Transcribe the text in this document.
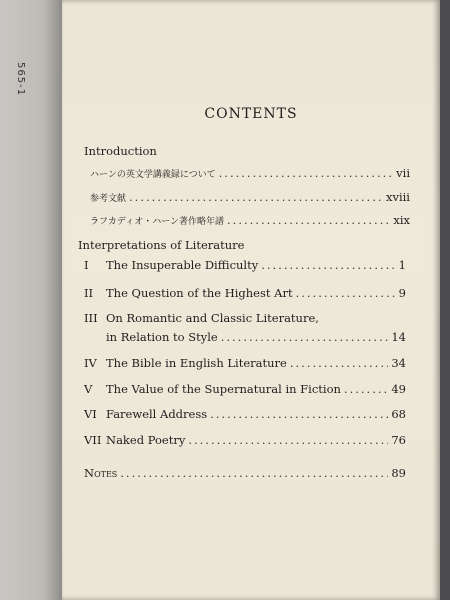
565-1
CONTENTS
Introduction
ハーンの英文学講義録について .....	vii
参考文献 .....	xviii
ラフカディオ・ハーン著作略年譜 .....	xix
Interpretations of Literature
I	The Insuperable Difficulty .....	1
II	The Question of the Highest Art .....	9
III On Romantic and Classic Literature,
in Relation to Style .....	14
IV The Bible in English Literature .....	34
V	The Value of the Supernatural in Fiction .....	49
VI Farewell Address .....	68
VII Naked Poetry .....	76
Notes .....	89
